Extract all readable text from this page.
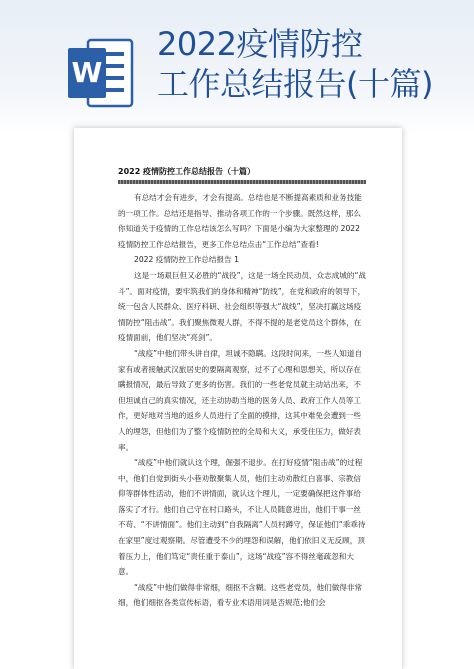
W
2022疫情防控
工作总结报告(十篇)
2022 疫情防控工作总结报告（十篇）

有总结才会有进步，才会有提高。总结也是不断提高素质和业务技能的一项工作。总结还是指导、推动各项工作的一个步骤。既然这样，那么你知道关于疫情的工作总结该怎么写吗？下面是小编为大家整理的 2022 疫情防控工作总结报告，更多工作总结点击“工作总结”查看!

2022 疫情防控工作总结报告 1

这是一场艰巨但又必胜的“战役”，这是一场全民动员、众志成城的“战斗”。面对疫情，要牢筑我们的身体和精神“防线”，在党和政府的领导下，统一包含人民群众、医疗科研、社会组织等强大“战线”，坚决打赢这场疫情防控“阻击战”。我们聚焦微观人群，不得不提的是老党员这个群体，在疫情面前，他们坚决“亮剑”。

“战疫”中他们带头讲自律，坦诚不隐瞒。这段时间来，一些人知道自家有或者接触武汉旅居史的要隔离观察，过不了心理和思想关，所以存在瞒报情况，最后导致了更多的伤害。我们的一些老党员就主动站出来，不但坦诚自己的真实情况，还主动协助当地的医务人员、政府工作人员等工作，更好地对当地的返乡人员进行了全面的摸排，这其中难免会遭到一些人的埋怨，但他们为了整个疫情防控的全局和大义，承受住压力，做好表率。

“战疫”中他们就认这个理，倔强不退步。在打好疫情“阻击战”的过程中，他们自觉到街头小巷劝散聚集人员，他们主动劝散红白喜事、宗教信仰等群体性活动，他们不讲情面，就认这个理儿，一定要确保把这件事给落实了才行。他们自己守在村口路头，不让人员随意进出，他们干事一丝不苟、“不讲情面”。他们主动到“自我隔离”人员村蹲守，保证他们“乖乖待在家里”度过观察期。尽管遭受不少的埋怨和误解，他们依旧义无反顾，顶着压力上，他们笃定“责任重于泰山”，这场“战疫”容不得丝毫疏忽和大意。

“战疫”中他们做得非常细，细抠不含糊。这些老党员，他们做得非常细，他们细抠各类宣传标语，看专业术语用词是否规范;他们会
